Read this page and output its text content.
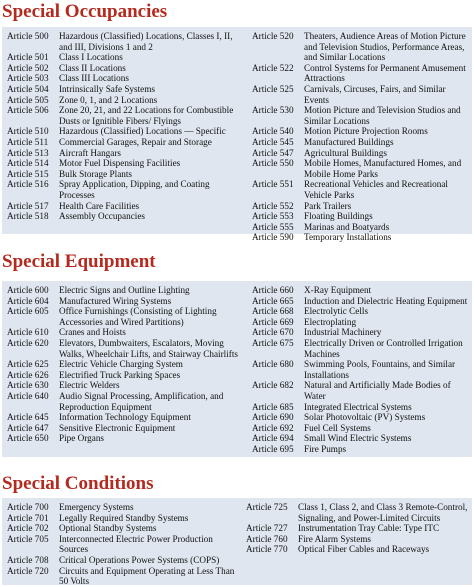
Special Occupancies
Article 500	Hazardous (Classified) Locations, Classes I, II, and III, Divisions 1 and 2
Article 501	Class I Locations
Article 502	Class II Locations
Article 503	Class III Locations
Article 504	Intrinsically Safe Systems
Article 505	Zone 0, 1, and 2 Locations
Article 506	Zone 20, 21, and 22 Locations for Combustible Dusts or Ignitible Fibers/ Flyings
Article 510	Hazardous (Classified) Locations — Specific
Article 511	Commercial Garages, Repair and Storage
Article 513	Aircraft Hangars
Article 514	Motor Fuel Dispensing Facilities
Article 515	Bulk Storage Plants
Article 516	Spray Application, Dipping, and Coating Processes
Article 517	Health Care Facilities
Article 518	Assembly Occupancies
Article 520	Theaters, Audience Areas of Motion Picture and Television Studios, Performance Areas, and Similar Locations
Article 522	Control Systems for Permanent Amusement Attractions
Article 525	Carnivals, Circuses, Fairs, and Similar Events
Article 530	Motion Picture and Television Studios and Similar Locations
Article 540	Motion Picture Projection Rooms
Article 545	Manufactured Buildings
Article 547	Agricultural Buildings
Article 550	Mobile Homes, Manufactured Homes, and Mobile Home Parks
Article 551	Recreational Vehicles and Recreational Vehicle Parks
Article 552	Park Trailers
Article 553	Floating Buildings
Article 555	Marinas and Boatyards
Article 590	Temporary Installations
Special Equipment
Article 600	Electric Signs and Outline Lighting
Article 604	Manufactured Wiring Systems
Article 605	Office Furnishings (Consisting of Lighting Accessories and Wired Partitions)
Article 610	Cranes and Hoists
Article 620	Elevators, Dumbwaiters, Escalators, Moving Walks, Wheelchair Lifts, and Stairway Chairlifts
Article 625	Electric Vehicle Charging System
Article 626	Electrified Truck Parking Spaces
Article 630	Electric Welders
Article 640	Audio Signal Processing, Amplification, and Reproduction Equipment
Article 645	Information Technology Equipment
Article 647	Sensitive Electronic Equipment
Article 650	Pipe Organs
Article 660	X-Ray Equipment
Article 665	Induction and Dielectric Heating Equipment
Article 668	Electrolytic Cells
Article 669	Electroplating
Article 670	Industrial Machinery
Article 675	Electrically Driven or Controlled Irrigation Machines
Article 680	Swimming Pools, Fountains, and Similar Installations
Article 682	Natural and Artificially Made Bodies of Water
Article 685	Integrated Electrical Systems
Article 690	Solar Photovoltaic (PV) Systems
Article 692	Fuel Cell Systems
Article 694	Small Wind Electric Systems
Article 695	Fire Pumps
Special Conditions
Article 700	Emergency Systems
Article 701	Legally Required Standby Systems
Article 702	Optional Standby Systems
Article 705	Interconnected Electric Power Production Sources
Article 708	Critical Operations Power Systems (COPS)
Article 720	Circuits and Equipment Operating at Less Than 50 Volts
Article 725	Class 1, Class 2, and Class 3 Remote-Control, Signaling, and Power-Limited Circuits
Article 727	Instrumentation Tray Cable: Type ITC
Article 760	Fire Alarm Systems
Article 770	Optical Fiber Cables and Raceways
